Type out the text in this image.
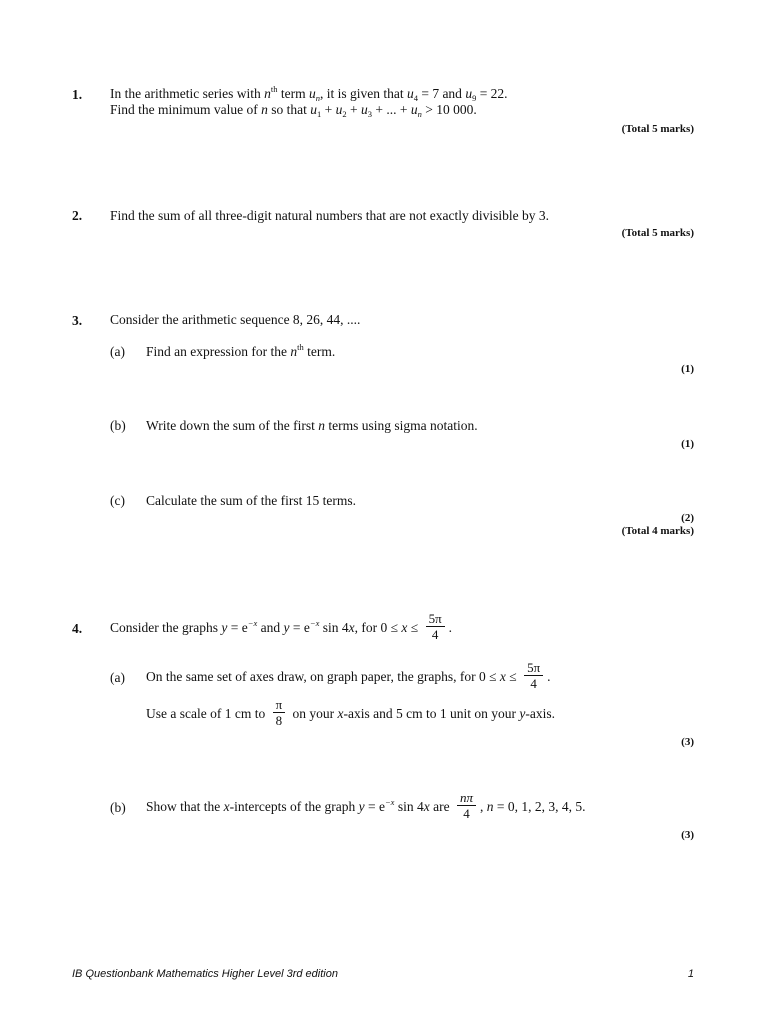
1. In the arithmetic series with $n^{th}$ term $u_n$, it is given that $u_4 = 7$ and $u_9 = 22$.
Find the minimum value of n so that $u_1 + u_2 + u_3$ + ... + $u_n > 10$ 000.
(Total 5 marks)
2. Find the sum of all three-digit natural numbers that are not exactly divisible by 3.
(Total 5 marks)
3. Consider the arithmetic sequence 8, 26, 44, ....
(a) Find an expression for the $n^{th}$ term.
(1)
(b) Write down the sum of the first n terms using sigma notation.
(1)
(c) Calculate the sum of the first 15 terms.
(2)
(Total 4 marks)
4. Consider the graphs $y = e^{-x}$ and $y = e^{-x}$ sin 4x, for $0 \le x \le \frac{5\pi}{4}$ .
(a) On the same set of axes draw, on graph paper, the graphs, for $0 \le x \le \frac{5\pi}{4}$ .
Use a scale of 1 cm to $\frac{\pi}{8}$ on your x-axis and 5 cm to 1 unit on your y-axis.
(3)
(b) Show that the x-intercepts of the graph $y = e^{-x}$ sin 4x are $\frac{n\pi}{4}$ , n = 0, 1, 2, 3, 4, 5.
(3)
IB Questionbank Mathematics Higher Level 3rd edition	1
